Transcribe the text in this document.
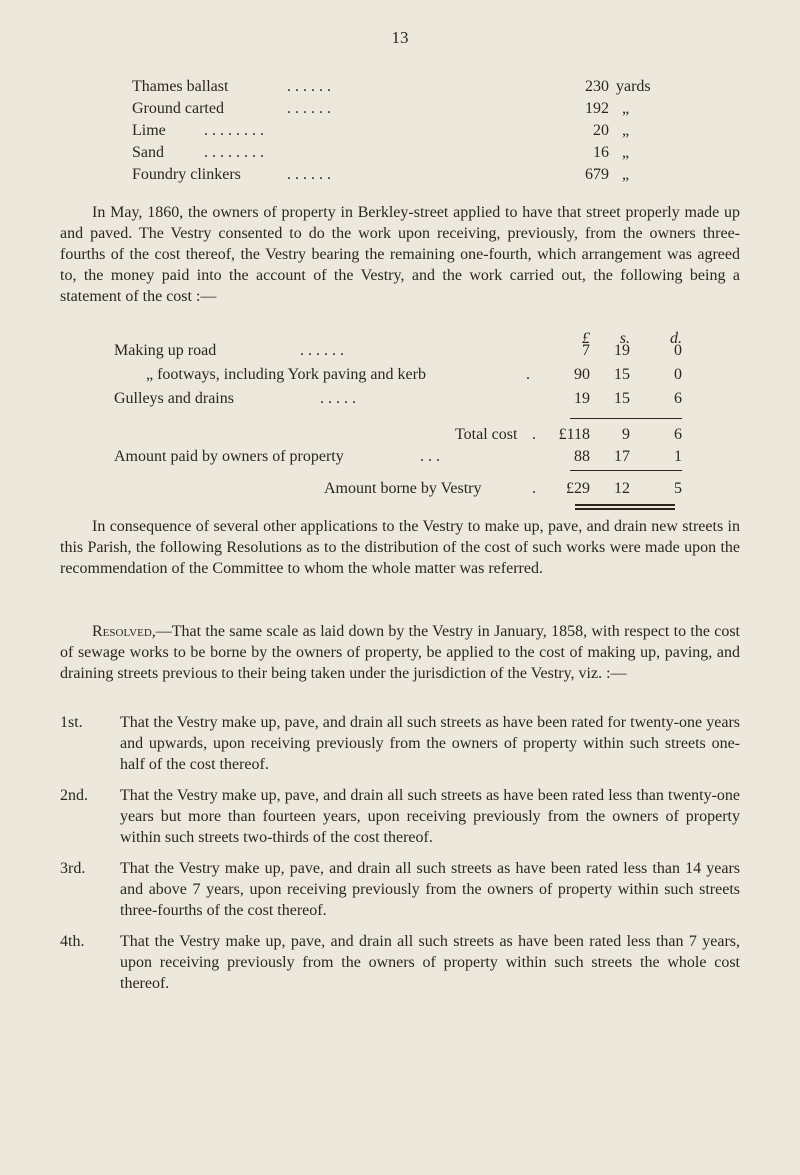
13
Thames ballast	. . . . . .	230 yards
Ground carted	. . . . . .	192 „
Lime . . . . . . . .	20 „
Sand	. . . . . . . .	16 „
Foundry clinkers	. . . . . .	679 „
In May, 1860, the owners of property in Berkley-street applied to have that street properly made up and paved. The Vestry consented to do the work upon receiving, previously, from the owners three-fourths of the cost thereof, the Vestry bearing the remaining one-fourth, which arrangement was agreed to, the money paid into the account of the Vestry, and the work carried out, the following being a statement of the cost :—
£	s.	d.
Making up road	. . . . . .	7	19	0
„ footways, including York paving and kerb	.	90	15	0
Gulleys and drains	. . . . .	19	15	6
Total cost .	£118	9	6
Amount paid by owners of property	. . .	88	17	1
Amount borne by Vestry	.	£29	12	5
In consequence of several other applications to the Vestry to make up, pave, and drain new streets in this Parish, the following Resolutions as to the distribution of the cost of such works were made upon the recommendation of the Committee to whom the whole matter was referred.
Resolved,—That the same scale as laid down by the Vestry in January, 1858, with respect to the cost of sewage works to be borne by the owners of property, be applied to the cost of making up, paving, and draining streets previous to their being taken under the jurisdiction of the Vestry, viz. :—
1st. That the Vestry make up, pave, and drain all such streets as have been rated for twenty-one years and upwards, upon receiving previously from the owners of property within such streets one-half of the cost thereof.
2nd. That the Vestry make up, pave, and drain all such streets as have been rated less than twenty-one years but more than fourteen years, upon receiving previously from the owners of property within such streets two-thirds of the cost thereof.
3rd. That the Vestry make up, pave, and drain all such streets as have been rated less than 14 years and above 7 years, upon receiving previously from the owners of property within such streets three-fourths of the cost thereof.
4th. That the Vestry make up, pave, and drain all such streets as have been rated less than 7 years, upon receiving previously from the owners of property within such streets the whole cost thereof.
